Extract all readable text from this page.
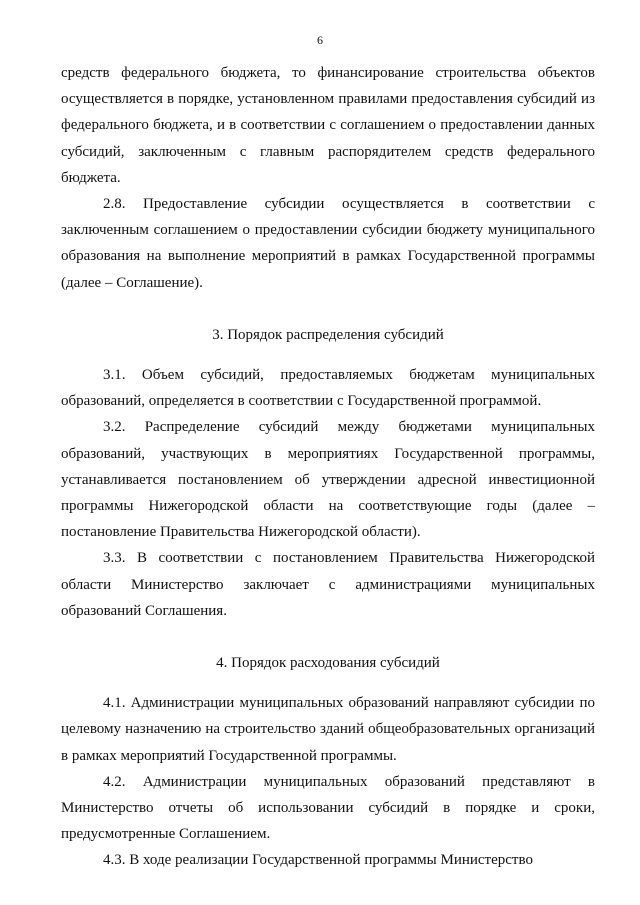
6

средств федерального бюджета, то финансирование строительства объектов осуществляется в порядке, установленном правилами предоставления субсидий из федерального бюджета, и в соответствии с соглашением о предоставлении данных субсидий, заключенным с главным распорядителем средств федерального бюджета.

2.8. Предоставление субсидии осуществляется в соответствии с заключенным соглашением о предоставлении субсидии бюджету муниципального образования на выполнение мероприятий в рамках Государственной программы (далее – Соглашение).

3. Порядок распределения субсидий

3.1. Объем субсидий, предоставляемых бюджетам муниципальных образований, определяется в соответствии с Государственной программой.

3.2. Распределение субсидий между бюджетами муниципальных образований, участвующих в мероприятиях Государственной программы, устанавливается постановлением об утверждении адресной инвестиционной программы Нижегородской области на соответствующие годы (далее – постановление Правительства Нижегородской области).

3.3. В соответствии с постановлением Правительства Нижегородской области Министерство заключает с администрациями муниципальных образований Соглашения.

4. Порядок расходования субсидий

4.1. Администрации муниципальных образований направляют субсидии по целевому назначению на строительство зданий общеобразовательных организаций в рамках мероприятий Государственной программы.

4.2. Администрации муниципальных образований представляют в Министерство отчеты об использовании субсидий в порядке и сроки, предусмотренные Соглашением.

4.3. В ходе реализации Государственной программы Министерство
